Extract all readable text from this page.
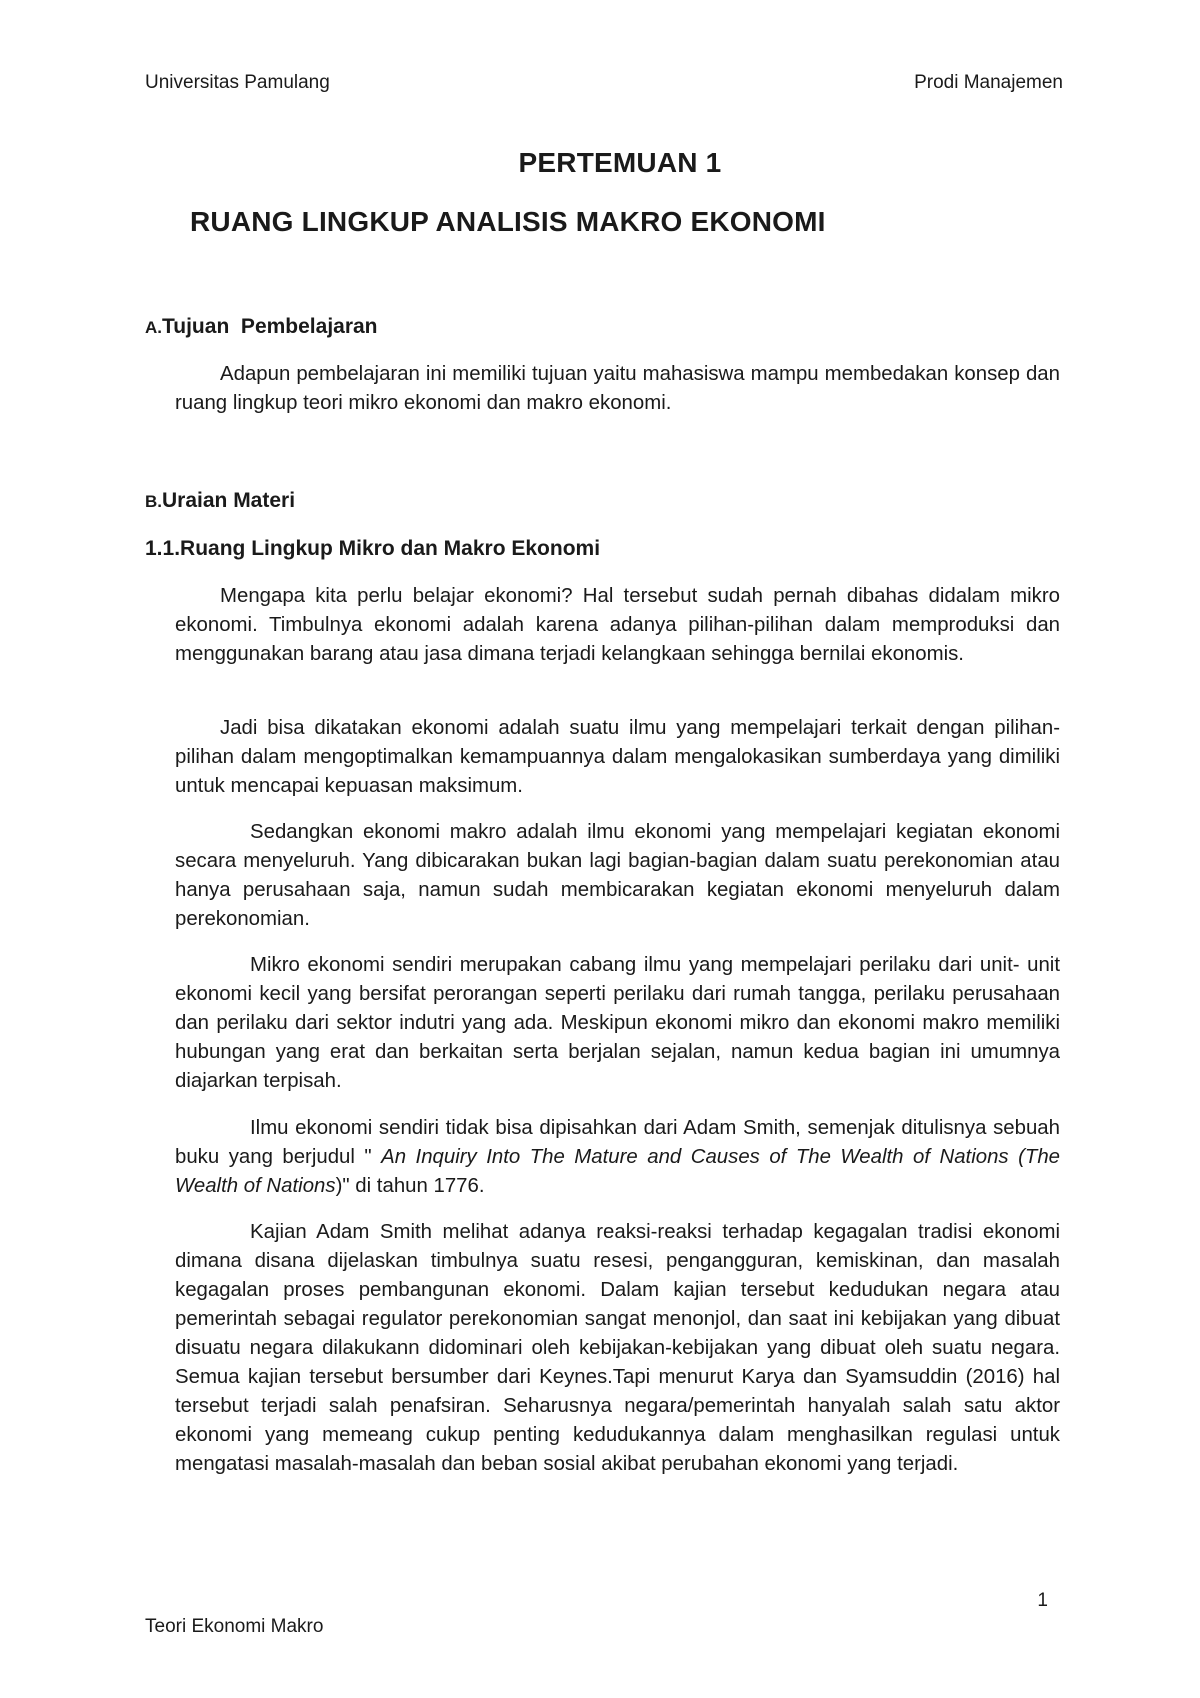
Universitas Pamulang	Prodi Manajemen
PERTEMUAN 1
RUANG LINGKUP ANALISIS MAKRO EKONOMI
A.Tujuan  Pembelajaran

Adapun pembelajaran ini memiliki tujuan yaitu mahasiswa mampu membedakan konsep dan ruang lingkup teori mikro ekonomi dan makro ekonomi.

B.Uraian Materi
1.1.Ruang Lingkup Mikro dan Makro Ekonomi

Mengapa kita perlu belajar ekonomi? Hal tersebut sudah pernah dibahas didalam mikro ekonomi. Timbulnya ekonomi adalah karena adanya pilihan-pilihan dalam memproduksi dan menggunakan barang atau jasa dimana terjadi kelangkaan sehingga bernilai ekonomis.

Jadi bisa dikatakan ekonomi adalah suatu ilmu yang mempelajari terkait dengan pilihan-pilihan dalam mengoptimalkan kemampuannya dalam mengalokasikan sumberdaya yang dimiliki untuk mencapai kepuasan maksimum.

Sedangkan ekonomi makro adalah ilmu ekonomi yang mempelajari kegiatan ekonomi secara menyeluruh. Yang dibicarakan bukan lagi bagian-bagian dalam suatu perekonomian atau hanya perusahaan saja, namun sudah membicarakan kegiatan ekonomi menyeluruh dalam perekonomian.

Mikro ekonomi sendiri merupakan cabang ilmu yang mempelajari perilaku dari unit- unit ekonomi kecil yang bersifat perorangan seperti perilaku dari rumah tangga, perilaku perusahaan dan perilaku dari sektor indutri yang ada. Meskipun ekonomi mikro dan ekonomi makro memiliki hubungan yang erat dan berkaitan serta berjalan sejalan, namun kedua bagian ini umumnya diajarkan terpisah.

Ilmu ekonomi sendiri tidak bisa dipisahkan dari Adam Smith, semenjak ditulisnya sebuah buku yang berjudul " An Inquiry Into The Mature and Causes of The Wealth of Nations (The Wealth of Nations)" di tahun 1776.

Kajian Adam Smith melihat adanya reaksi-reaksi terhadap kegagalan tradisi ekonomi dimana disana dijelaskan timbulnya suatu resesi, pengangguran, kemiskinan, dan masalah kegagalan proses pembangunan ekonomi. Dalam kajian tersebut kedudukan negara atau pemerintah sebagai regulator perekonomian sangat menonjol, dan saat ini kebijakan yang dibuat disuatu negara dilakukann didominari oleh kebijakan-kebijakan yang dibuat oleh suatu negara. Semua kajian tersebut bersumber dari Keynes.Tapi menurut Karya dan Syamsuddin (2016) hal tersebut terjadi salah penafsiran. Seharusnya negara/pemerintah hanyalah salah satu aktor ekonomi yang memeang cukup penting kedudukannya dalam menghasilkan regulasi untuk mengatasi masalah-masalah dan beban sosial akibat perubahan ekonomi yang terjadi.

1
Teori Ekonomi Makro
